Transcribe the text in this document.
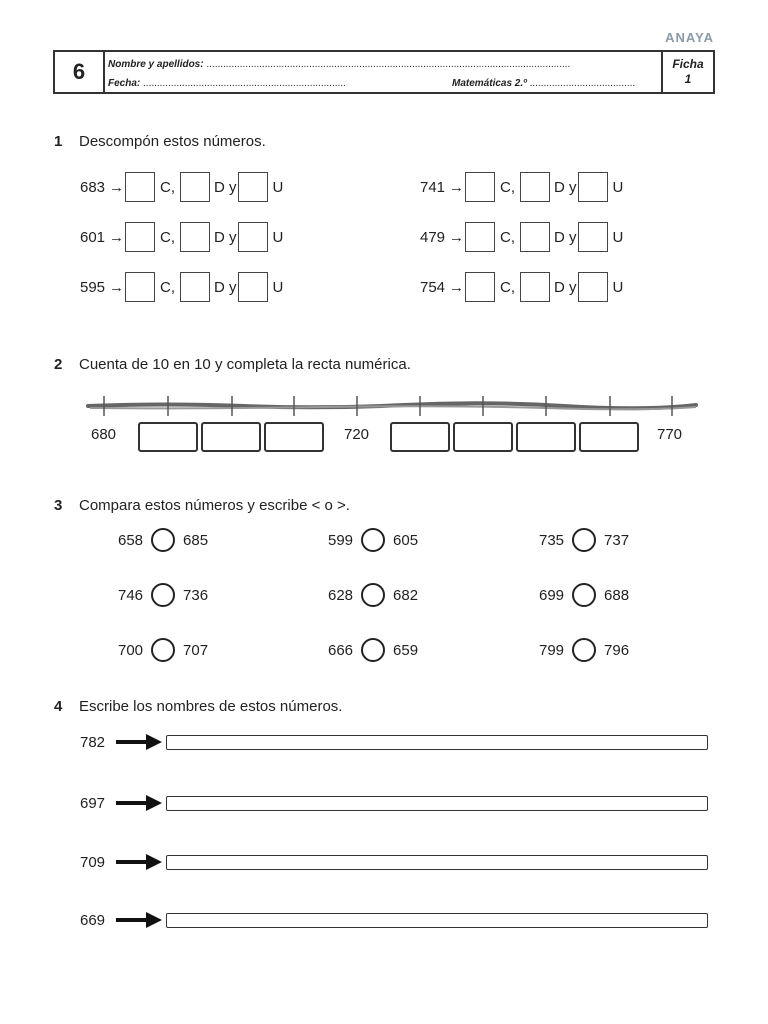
ANAYA
6	Nombre y apellidos: ...................................................................................................................................
Fecha: .........................................................................	Matemáticas 2.º ......................................
Ficha
1
1 Descompón estos números.
683 → C,	D y U	741 → C,	D y U
601 → C,	D y U	479 → C,	D y U
595 → C,	D y U	754 → C,	D y U
2 Cuenta de 10 en 10 y completa la recta numérica.
680	720	770
3 Compara estos números y escribe < o >.
658	685	599	605	735	737
746	736	628	682	699	688
700	707	666	659	799	796
4 Escribe los nombres de estos números.
782
697
709
669
